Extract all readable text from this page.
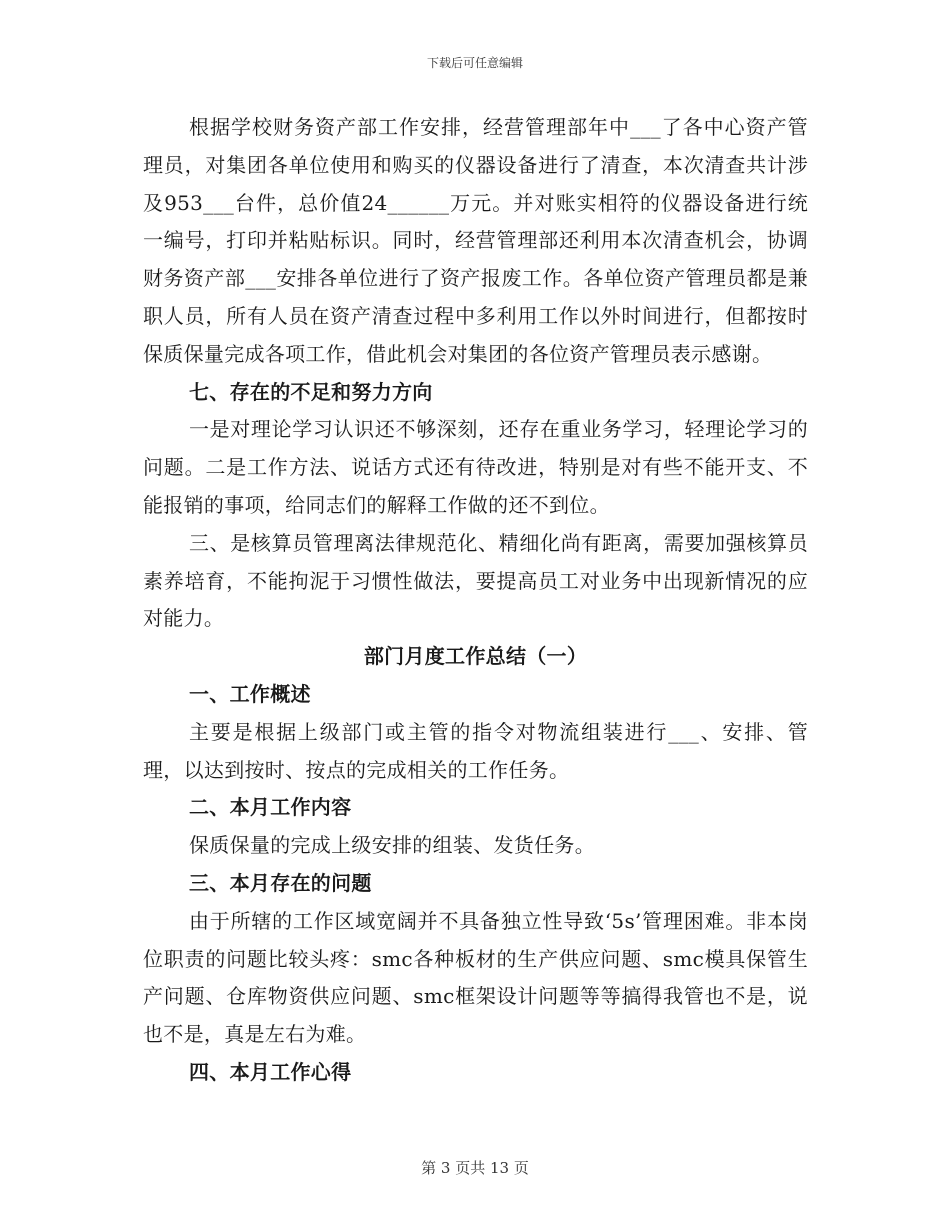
下载后可任意编辑

根据学校财务资产部工作安排，经营管理部年中___了各中心资产管理员，对集团各单位使用和购买的仪器设备进行了清查，本次清查共计涉及953___台件，总价值24______万元。并对账实相符的仪器设备进行统一编号，打印并粘贴标识。同时，经营管理部还利用本次清查机会，协调财务资产部___安排各单位进行了资产报废工作。各单位资产管理员都是兼职人员，所有人员在资产清查过程中多利用工作以外时间进行，但都按时保质保量完成各项工作，借此机会对集团的各位资产管理员表示感谢。

七、存在的不足和努力方向

一是对理论学习认识还不够深刻，还存在重业务学习，轻理论学习的问题。二是工作方法、说话方式还有待改进，特别是对有些不能开支、不能报销的事项，给同志们的解释工作做的还不到位。

三、是核算员管理离法律规范化、精细化尚有距离，需要加强核算员素养培育，不能拘泥于习惯性做法，要提高员工对业务中出现新情况的应对能力。

部门月度工作总结（一）

一、工作概述

主要是根据上级部门或主管的指令对物流组装进行___、安排、管理，以达到按时、按点的完成相关的工作任务。

二、本月工作内容

保质保量的完成上级安排的组装、发货任务。

三、本月存在的问题

由于所辖的工作区域宽阔并不具备独立性导致‘5s’管理困难。非本岗位职责的问题比较头疼：smc各种板材的生产供应问题、smc模具保管生产问题、仓库物资供应问题、smc框架设计问题等等搞得我管也不是，说也不是，真是左右为难。

四、本月工作心得

第 3 页共 13 页
